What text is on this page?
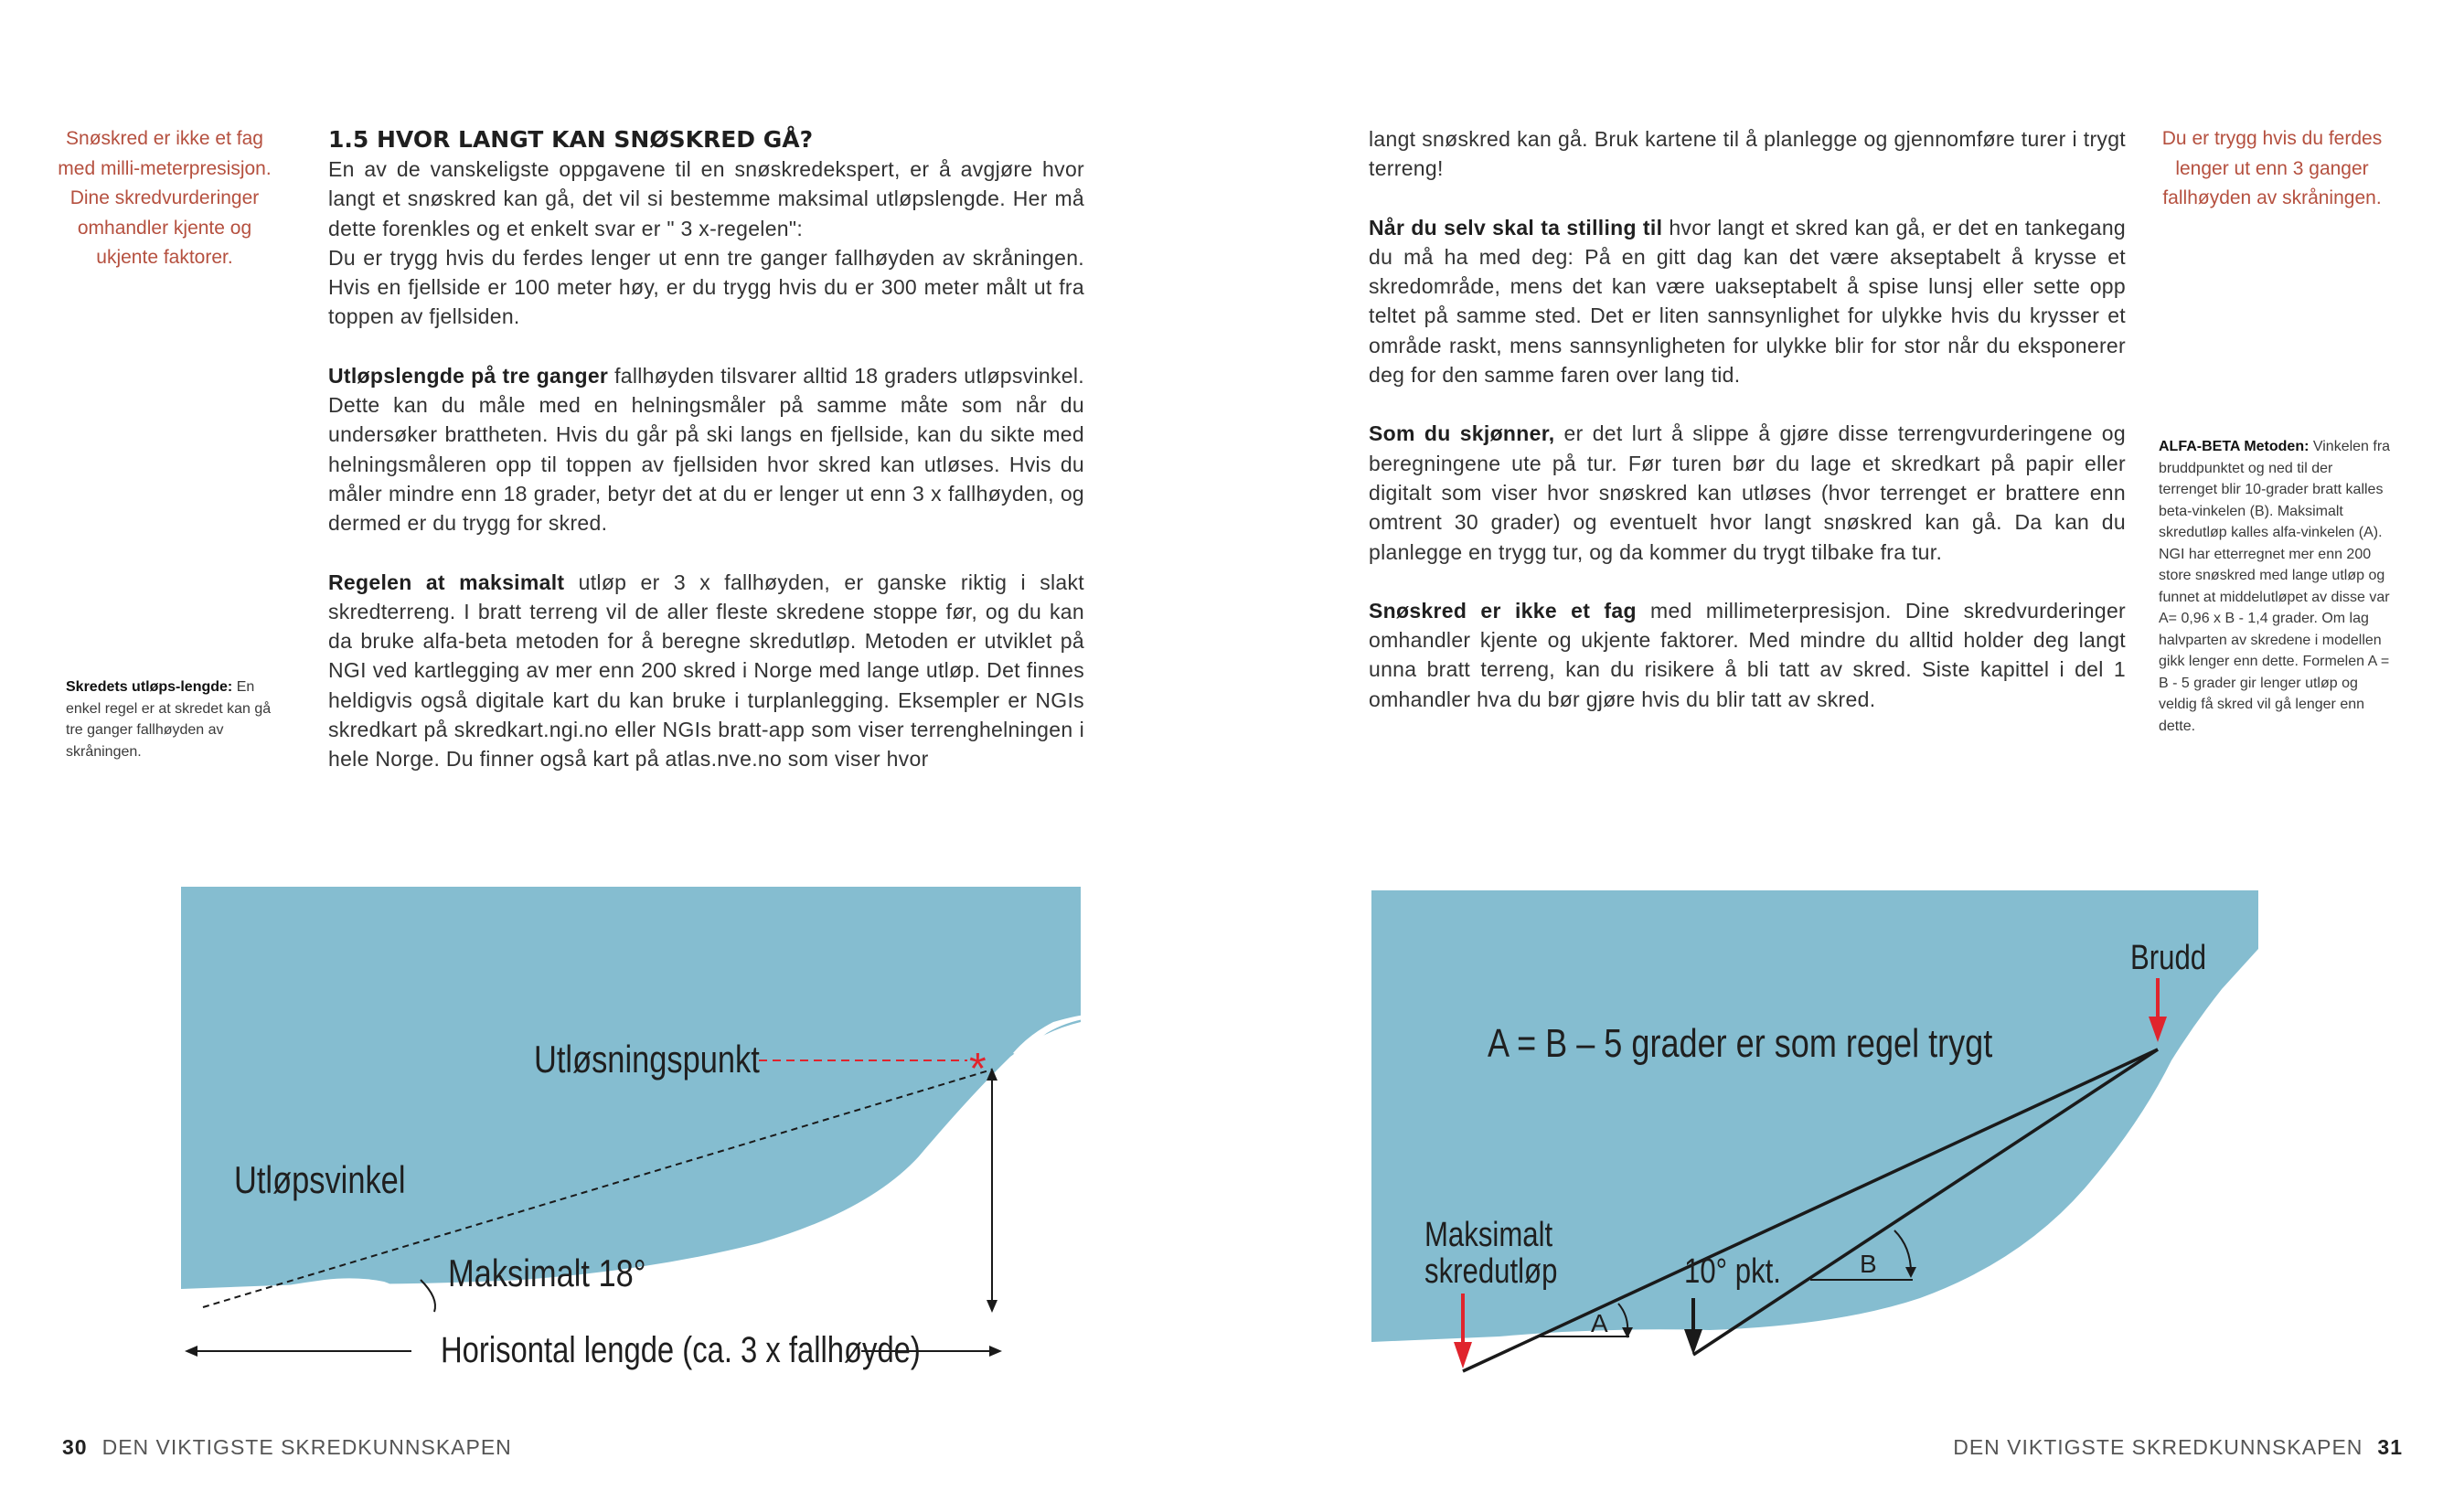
Snøskred er ikke et fag
med milli-meterpresisjon.
Dine skredvurderinger
omhandler kjente og
ukjente faktorer.
1.5 HVOR LANGT KAN SNØSKRED GÅ?

En av de vanskeligste oppgavene til en snøskredekspert, er å avgjøre hvor langt et snøskred kan gå, det vil si bestemme maksimal utløpslengde. Her må dette forenkles og et enkelt svar er " 3 x-regelen":

Du er trygg hvis du ferdes lenger ut enn tre ganger fallhøyden av skråningen. Hvis en fjellside er 100 meter høy, er du trygg hvis du er 300 meter målt ut fra toppen av fjellsiden.

Utløpslengde på tre ganger fallhøyden tilsvarer alltid 18 graders utløpsvinkel. Dette kan du måle med en helningsmåler på samme måte som når du undersøker brattheten. Hvis du går på ski langs en fjellside, kan du sikte med helningsmåleren opp til toppen av fjellsiden hvor skred kan utløses. Hvis du måler mindre enn 18 grader, betyr det at du er lenger ut enn 3 x fallhøyden, og dermed er du trygg for skred.

Regelen at maksimalt utløp er 3 x fallhøyden, er ganske riktig i slakt skredterreng. I bratt terreng vil de aller fleste skredene stoppe før, og du kan da bruke alfa-beta metoden for å beregne skredutløp. Metoden er utviklet på NGI ved kartlegging av mer enn 200 skred i Norge med lange utløp. Det finnes heldigvis også digitale kart du kan bruke i turplanlegging. Eksempler er NGIs skredkart på skredkart.ngi.no eller NGIs bratt-app som viser terrenghelningen i hele Norge. Du finner også kart på atlas.nve.no som viser hvor

Skredets utløps-lengde: En enkel regel er at skredet kan gå tre ganger fallhøyden av skråningen.
*
Utløsningspunkt
Utløpsvinkel
Maksimalt 18°
Horisontal lengde (ca. 3 x fallhøyde)
30 DEN VIKTIGSTE SKREDKUNNSKAPEN

langt snøskred kan gå. Bruk kartene til å planlegge og gjennomføre turer i trygt terreng!

Når du selv skal ta stilling til hvor langt et skred kan gå, er det en tankegang du må ha med deg: På en gitt dag kan det være akseptabelt å krysse et skredområde, mens det kan være uakseptabelt å spise lunsj eller sette opp teltet på samme sted. Det er liten sannsynlighet for ulykke hvis du krysser et område raskt, mens sannsynligheten for ulykke blir for stor når du eksponerer deg for den samme faren over lang tid.

Som du skjønner, er det lurt å slippe å gjøre disse terrengvurderingene og beregningene ute på tur. Før turen bør du lage et skredkart på papir eller digitalt som viser hvor snøskred kan utløses (hvor terrenget er brattere enn omtrent 30 grader) og eventuelt hvor langt snøskred kan gå. Da kan du planlegge en trygg tur, og da kommer du trygt tilbake fra tur.

Snøskred er ikke et fag med millimeterpresisjon. Dine skredvurderinger omhandler kjente og ukjente faktorer. Med mindre du alltid holder deg langt unna bratt terreng, kan du risikere å bli tatt av skred. Siste kapittel i del 1 omhandler hva du bør gjøre hvis du blir tatt av skred.

Du er trygg hvis du ferdes
lenger ut enn 3 ganger
fallhøyden av skråningen.
ALFA-BETA Metoden: Vinkelen fra bruddpunktet og ned til der terrenget blir 10-grader bratt kalles beta-vinkelen (B). Maksimalt skredutløp kalles alfa-vinkelen (A). NGI har etterregnet mer enn 200 store snøskred med lange utløp og funnet at middelutløpet av disse var A= 0,96 x B - 1,4 grader. Om lag halvparten av skredene i modellen gikk lenger enn dette. Formelen A = B - 5 grader gir lenger utløp og veldig få skred vil gå lenger enn dette.
Brudd
A = B – 5 grader er som regel trygt
Maksimalt
skredutløp	10° pkt.
A
B
DEN VIKTIGSTE SKREDKUNNSKAPEN 31
